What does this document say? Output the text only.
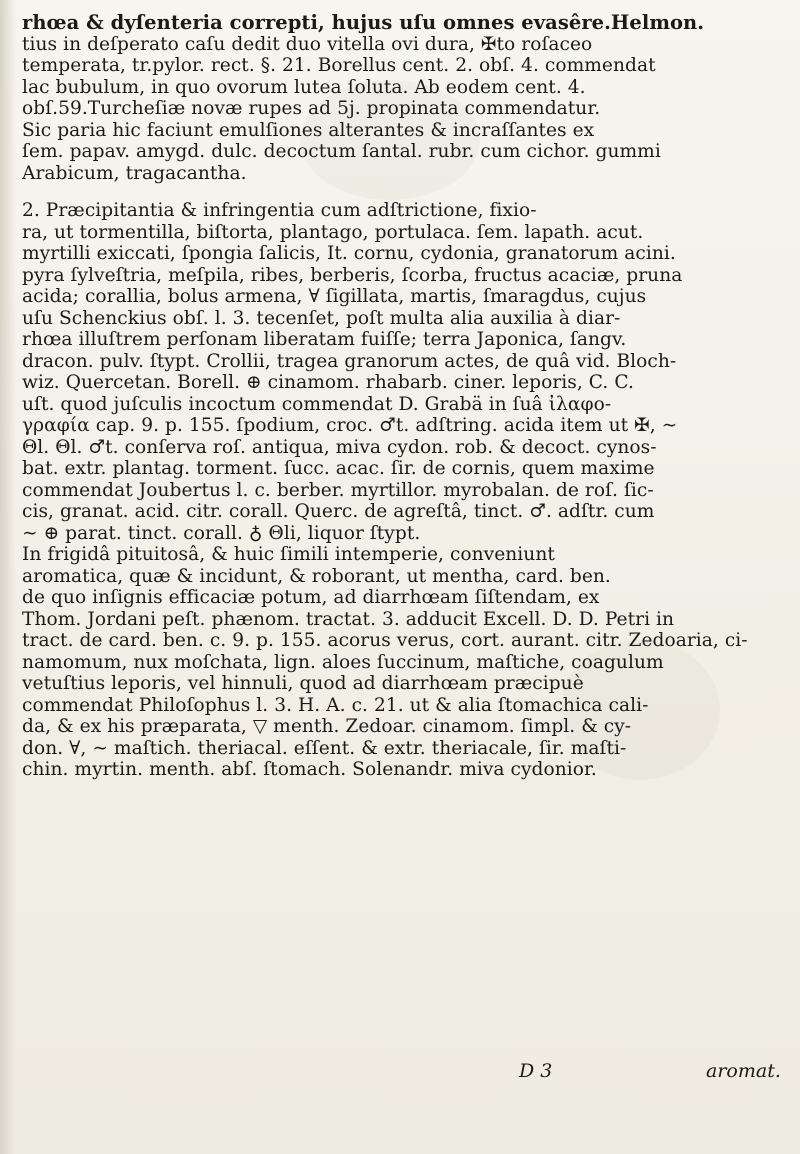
rhœa & dyſenteria correpti, hujus uſu omnes evasêre.Helmon.
tius in deſperato caſu dedit duo vitella ovi dura, ✠to roſaceo
temperata, tr.pylor. rect. §. 21. Borellus cent. 2. obſ. 4. commendat
lac bubulum, in quo ovorum lutea ſoluta. Ab eodem cent. 4.
obſ.59.Turcheſiæ novæ rupes ad 5j. propinata commendatur.
Sic paria hic faciunt emulſiones alterantes & incraſſantes ex
ſem. papav. amygd. dulc. decoctum ſantal. rubr. cum cichor. gummi
Arabicum, tragacantha.
2. Præcipitantia & infringentia cum adſtrictione, fixio-
ra, ut tormentilla, biſtorta, plantago, portulaca. ſem. lapath. acut.
myrtilli exiccati, ſpongia ſalicis, It. cornu, cydonia, granatorum acini.
pyra ſylveſtria, meſpila, ribes, berberis, ſcorba, fructus acaciæ, pruna
acida; corallia, bolus armena, ∀ ſigillata, martis, ſmaragdus, cujus
uſu Schenckius obſ. l. 3. tecenſet, poſt multa alia auxilia à diar-
rhœa illuſtrem perſonam liberatam fuiſſe; terra Japonica, ſangv.
dracon. pulv. ſtypt. Crollii, tragea granorum actes, de quâ vid. Bloch-
wiz. Quercetan. Borell. ⊕ cinamom. rhabarb. ciner. leporis, C. C.
uſt. quod juſculis incoctum commendat D. Grabä in ſuâ ἰλαφο-
γραφία cap. 9. p. 155. ſpodium, croc. ♂t. adſtring. acida item ut ✠, ∼
Θl. Θl. ♂t. conſerva roſ. antiqua, miva cydon. rob. & decoct. cynos-
bat. extr. plantag. torment. ſucc. acac. ſir. de cornis, quem maxime
commendat Joubertus l. c. berber. myrtillor. myrobalan. de roſ. ſic-
cis, granat. acid. citr. corall. Querc. de agreſtâ, tinct. ♂. adſtr. cum
∼ ⊕ parat. tinct. corall. ♁ Θli, liquor ſtypt.
In frigidâ pituitosâ, & huic ſimili intemperie, conveniunt
aromatica, quæ & incidunt, & roborant, ut mentha, card. ben.
de quo inſignis efficaciæ potum, ad diarrhœam ſiſtendam, ex
Thom. Jordani peſt. phænom. tractat. 3. adducit Excell. D. D. Petri in
tract. de card. ben. c. 9. p. 155. acorus verus, cort. aurant. citr. Zedoaria, ci-
namomum, nux moſchata, lign. aloes ſuccinum, maſtiche, coagulum
vetuſtius leporis, vel hinnuli, quod ad diarrhœam præcipuè
commendat Philoſophus l. 3. H. A. c. 21. ut & alia ſtomachica cali-
da, & ex his præparata, ▽ menth. Zedoar. cinamom. ſimpl. & cy-
don. ∀, ∼ maſtich. theriacal. eſſent. & extr. theriacale, ſir. maſti-
chin. myrtin. menth. abſ. ſtomach. Solenandr. miva cydonior.
D 3	aromat.
